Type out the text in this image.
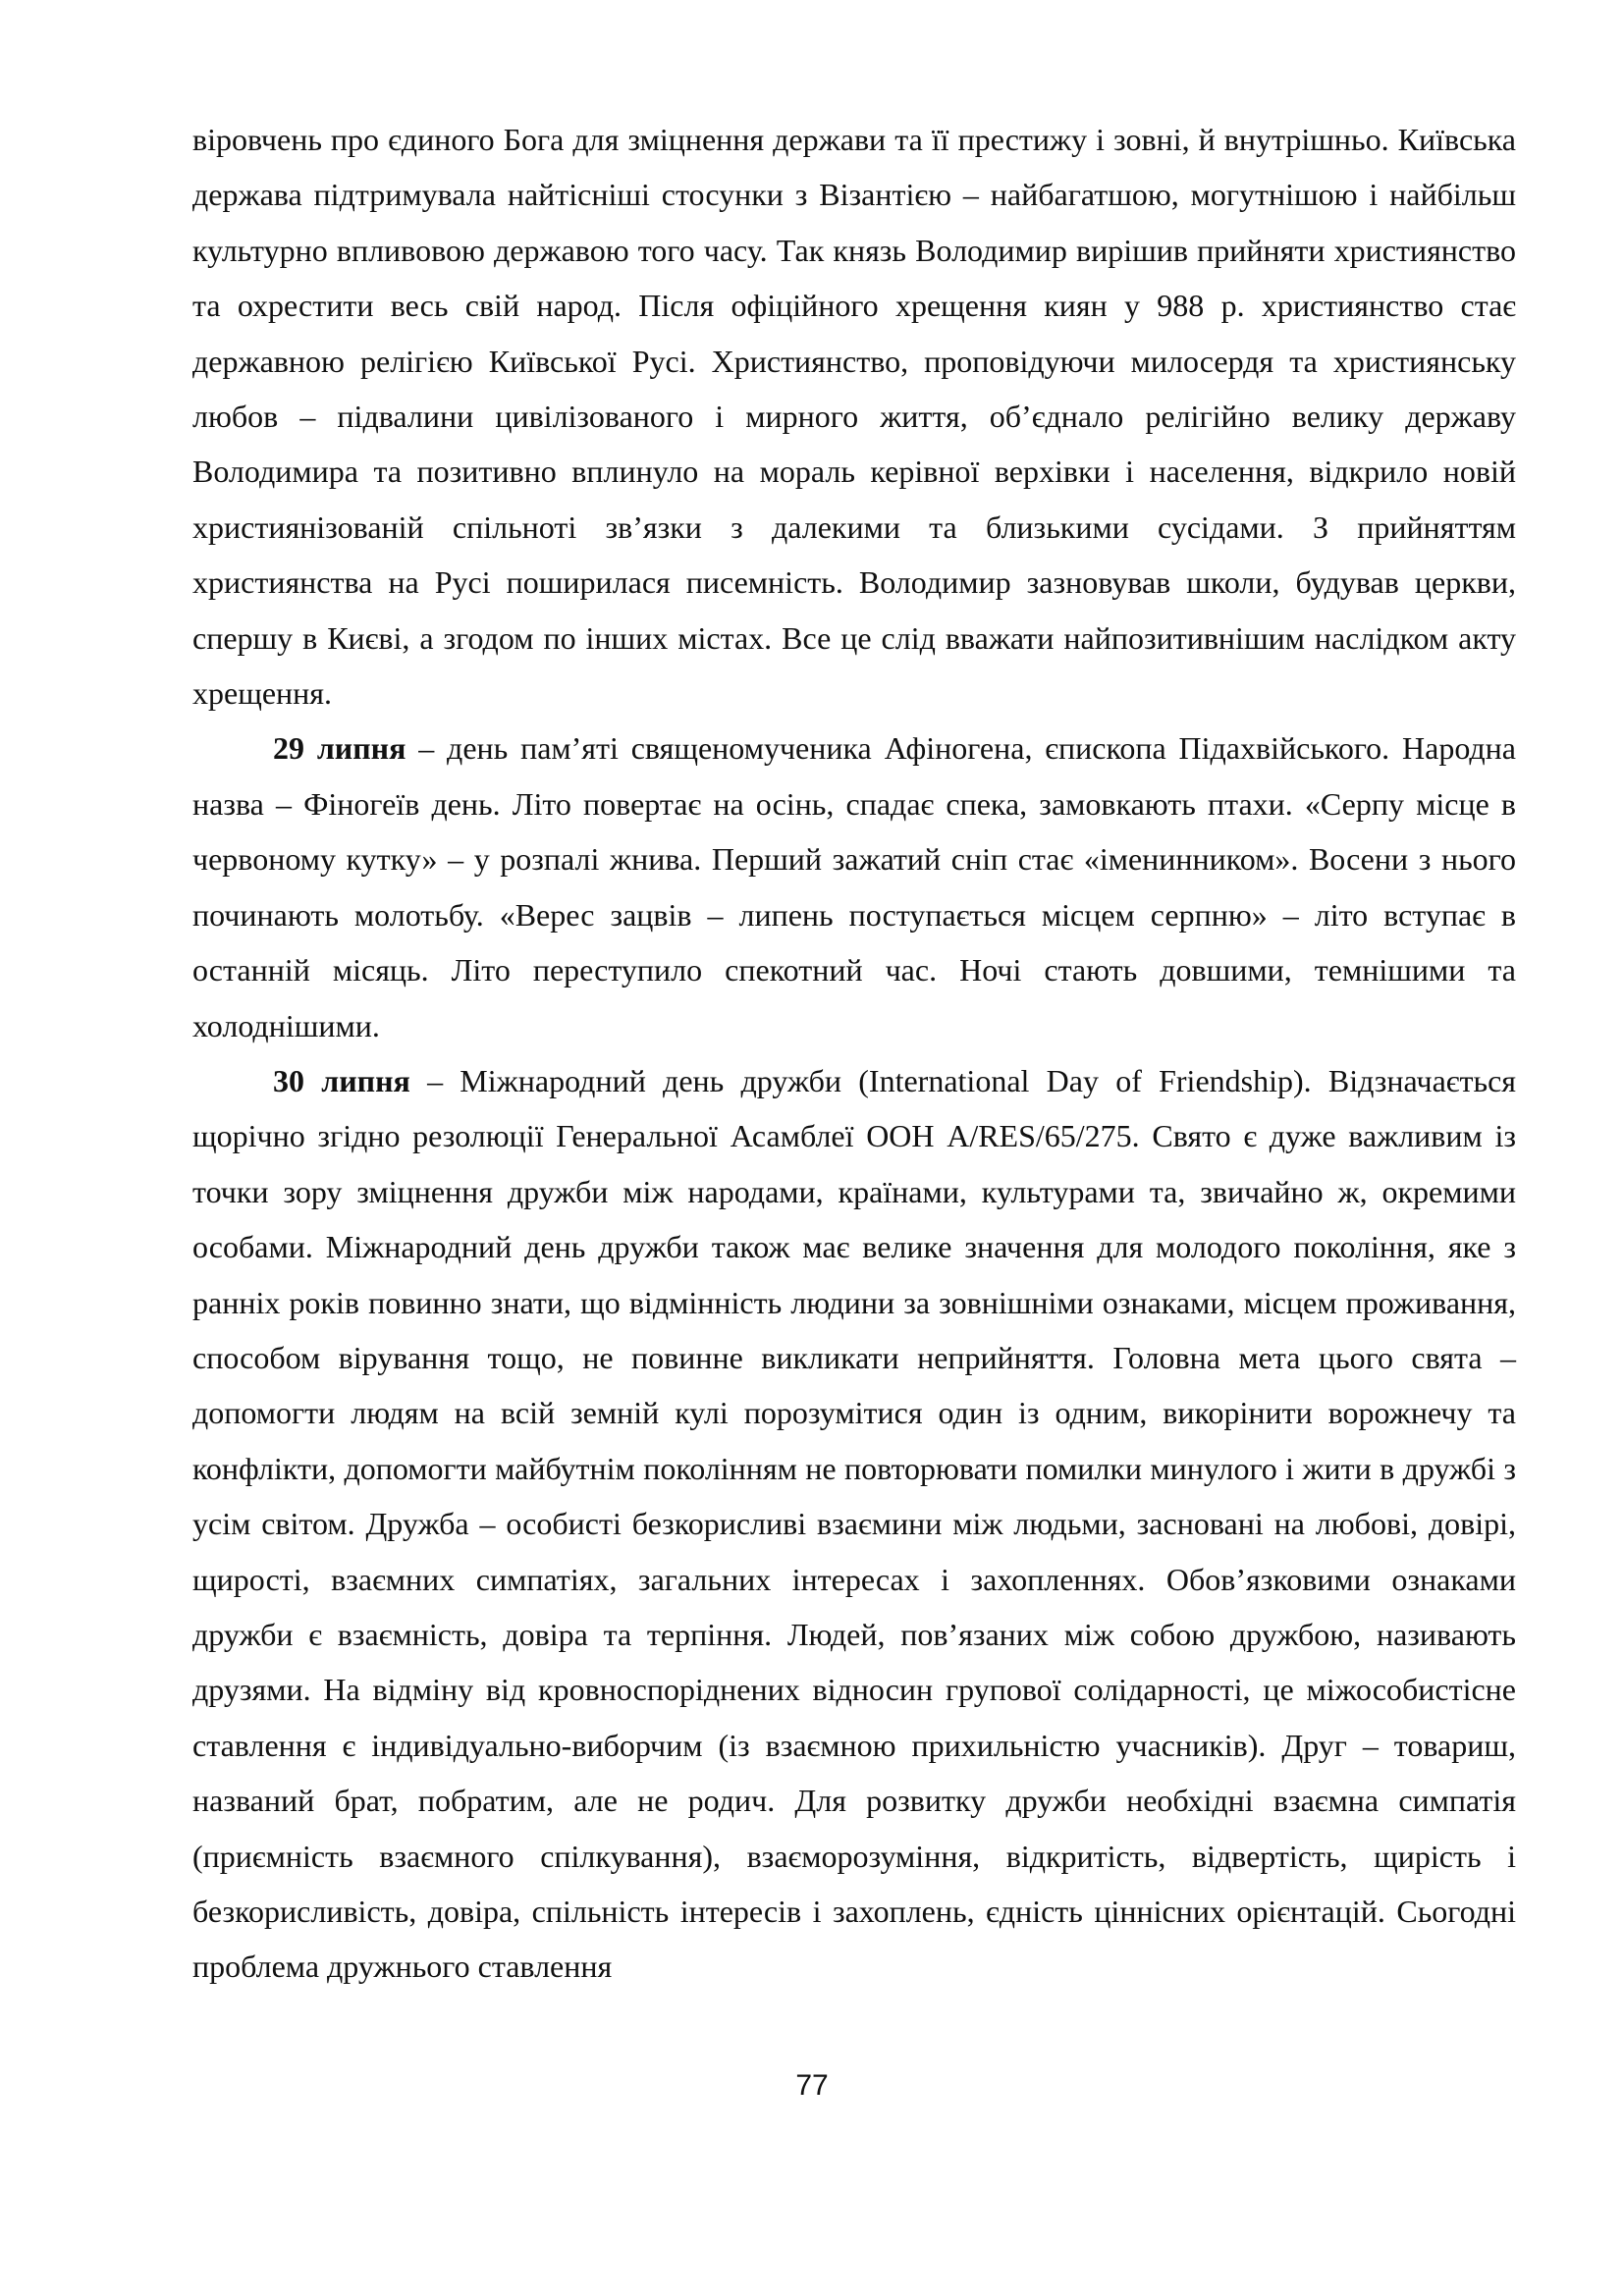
віровчень про єдиного Бога для зміцнення держави та її престижу і зовні, й внутрішньо. Київська держава підтримувала найтісніші стосунки з Візантією – найбагатшою, могутнішою і найбільш культурно впливовою державою того часу. Так князь Володимир вирішив прийняти християнство та охрестити весь свій народ. Після офіційного хрещення киян у 988 р. християнство стає державною релігією Київської Русі. Християнство, проповідуючи милосердя та християнську любов – підвалини цивілізованого і мирного життя, об’єднало релігійно велику державу Володимира та позитивно вплинуло на мораль керівної верхівки і населення, відкрило новій християнізованій спільноті зв’язки з далекими та близькими сусідами. З прийняттям християнства на Русі поширилася писемність. Володимир зазновував школи, будував церкви, спершу в Києві, а згодом по інших містах. Все це слід вважати найпозитивнішим наслідком акту хрещення.

29 липня – день пам’яті священомученика Афіногена, єпископа Підахвійського. Народна назва – Фіногеїв день. Літо повертає на осінь, спадає спека, замовкають птахи. «Серпу місце в червоному кутку» – у розпалі жнива. Перший зажатий сніп стає «іменинником». Восени з нього починають молотьбу. «Верес зацвів – липень поступається місцем серпню» – літо вступає в останній місяць. Літо переступило спекотний час. Ночі стають довшими, темнішими та холоднішими.

30 липня – Міжнародний день дружби (International Day of Friendship). Відзначається щорічно згідно резолюції Генеральної Асамблеї ООН A/RES/65/275. Свято є дуже важливим із точки зору зміцнення дружби між народами, країнами, культурами та, звичайно ж, окремими особами. Міжнародний день дружби також має велике значення для молодого покоління, яке з ранніх років повинно знати, що відмінність людини за зовнішніми ознаками, місцем проживання, способом вірування тощо, не повинне викликати неприйняття. Головна мета цього свята – допомогти людям на всій земній кулі порозумітися один із одним, викорінити ворожнечу та конфлікти, допомогти майбутнім поколінням не повторювати помилки минулого і жити в дружбі з усім світом. Дружба – особисті безкорисливі взаємини між людьми, засновані на любові, довірі, щирості, взаємних симпатіях, загальних інтересах і захопленнях. Обов’язковими ознаками дружби є взаємність, довіра та терпіння. Людей, пов’язаних між собою дружбою, називають друзями. На відміну від кровноспоріднених відносин групової солідарності, це міжособистісне ставлення є індивідуально-виборчим (із взаємною прихильністю учасників). Друг – товариш, названий брат, побратим, але не родич. Для розвитку дружби необхідні взаємна симпатія (приємність взаємного спілкування), взаєморозуміння, відкритість, відвертість, щирість і безкорисливість, довіра, спільність інтересів і захоплень, єдність ціннісних орієнтацій. Сьогодні проблема дружнього ставлення

77
